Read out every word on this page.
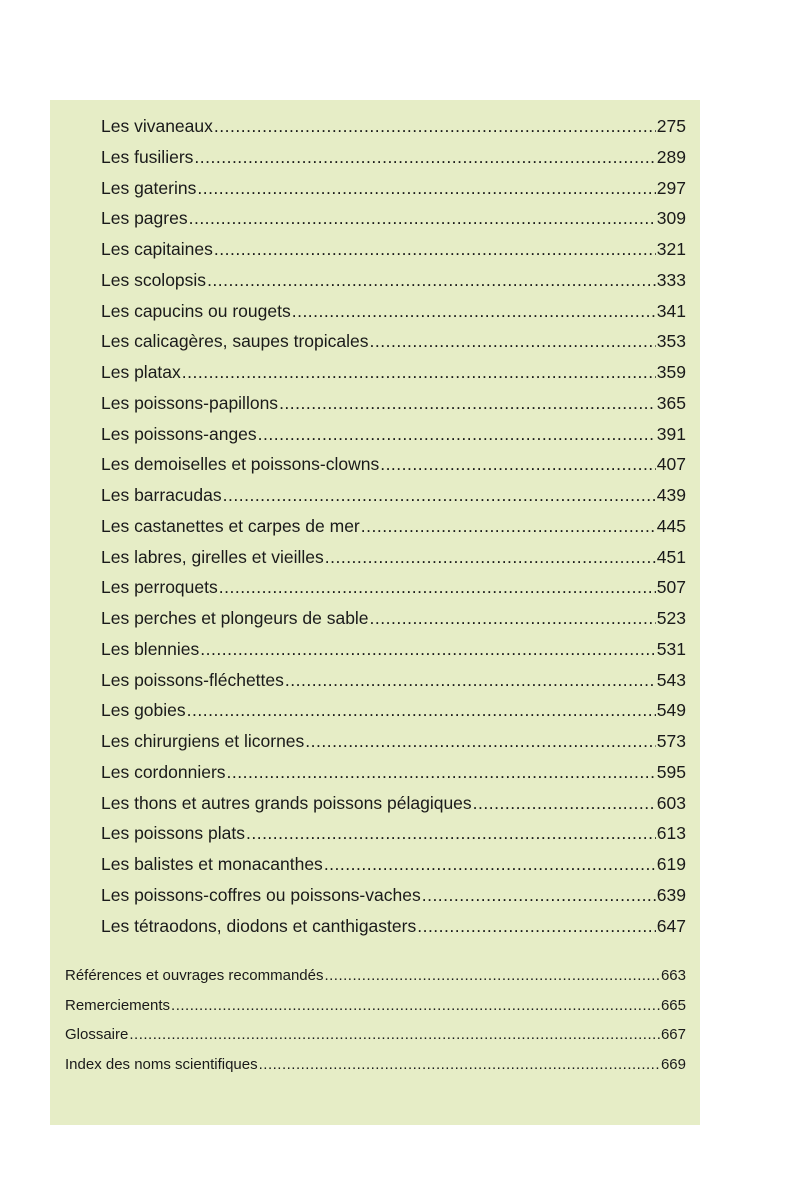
Les vivaneaux .....	275
Les fusiliers .....	289
Les gaterins .....	297
Les pagres .....	309
Les capitaines .....	321
Les scolopsis .....	333
Les capucins ou rougets .....	341
Les calicagères, saupes tropicales .....	353
Les platax .....	359
Les poissons-papillons .....	365
Les poissons-anges .....	391
Les demoiselles et poissons-clowns .....	407
Les barracudas .....	439
Les castanettes et carpes de mer .....	445
Les labres, girelles et vieilles .....	451
Les perroquets .....	507
Les perches et plongeurs de sable .....	523
Les blennies .....	531
Les poissons-fléchettes .....	543
Les gobies .....	549
Les chirurgiens et licornes .....	573
Les cordonniers .....	595
Les thons et autres grands poissons pélagiques .....	603
Les poissons plats .....	613
Les balistes et monacanthes .....	619
Les poissons-coffres ou poissons-vaches .....	639
Les tétraodons, diodons et canthigasters .....	647
Références et ouvrages recommandés .....	663
Remerciements .....	665
Glossaire .....	667
Index des noms scientifiques .....	669
